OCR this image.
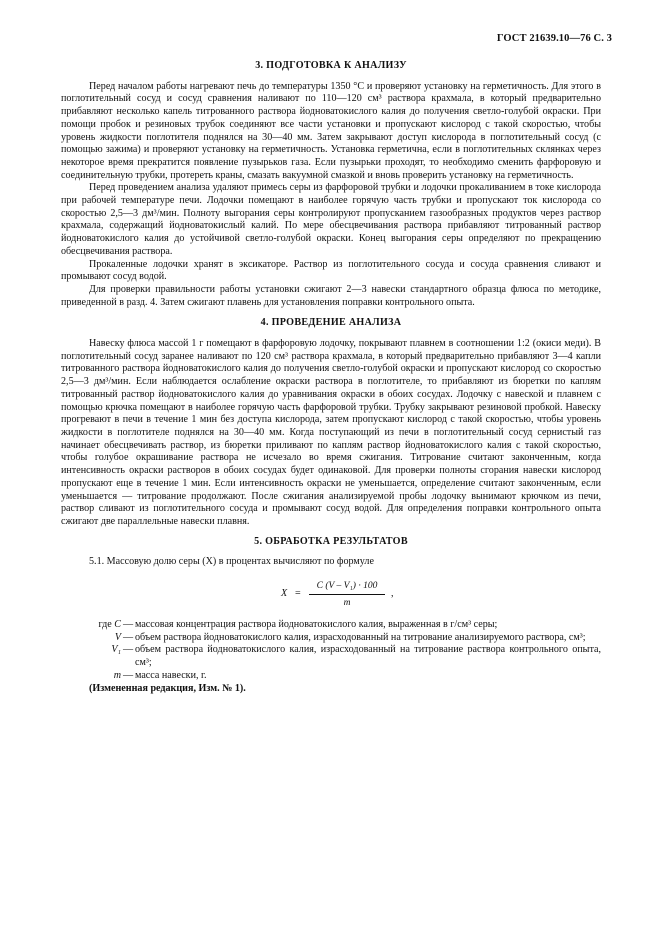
ГОСТ 21639.10—76 С. 3
3. ПОДГОТОВКА К АНАЛИЗУ

Перед началом работы нагревают печь до температуры 1350 °С и проверяют установку на герметичность. Для этого в поглотительный сосуд и сосуд сравнения наливают по 110—120 см³ раствора крахмала, в который предварительно прибавляют несколько капель титрованного раствора йодноватокислого калия до получения светло-голубой окраски. При помощи пробок и резиновых трубок соединяют все части установки и пропускают кислород с такой скоростью, чтобы уровень жидкости поглотителя поднялся на 30—40 мм. Затем закрывают доступ кислорода в поглотительный сосуд (с помощью зажима) и проверяют установку на герметичность. Установка герметична, если в поглотительных склянках через некоторое время прекратится появление пузырьков газа. Если пузырьки проходят, то необходимо сменить фарфоровую и соединительную трубки, протереть краны, смазать вакуумной смазкой и вновь проверить установку на герметичность.

Перед проведением анализа удаляют примесь серы из фарфоровой трубки и лодочки прокаливанием в токе кислорода при рабочей температуре печи. Лодочки помещают в наиболее горячую часть трубки и пропускают ток кислорода со скоростью 2,5—3 дм³/мин. Полноту выгорания серы контролируют пропусканием газообразных продуктов через раствор крахмала, содержащий йодноватокислый калий. По мере обесцвечивания раствора прибавляют титрованный раствор йодноватокислого калия до устойчивой светло-голубой окраски. Конец выгорания серы определяют по прекращению обесцвечивания раствора.

Прокаленные лодочки хранят в эксикаторе. Раствор из поглотительного сосуда и сосуда сравнения сливают и промывают сосуд водой.

Для проверки правильности работы установки сжигают 2—3 навески стандартного образца флюса по методике, приведенной в разд. 4. Затем сжигают плавень для установления поправки контрольного опыта.

4. ПРОВЕДЕНИЕ АНАЛИЗА

Навеску флюса массой 1 г помещают в фарфоровую лодочку, покрывают плавнем в соотношении 1:2 (окиси меди). В поглотительный сосуд заранее наливают по 120 см³ раствора крахмала, в который предварительно прибавляют 3—4 капли титрованного раствора йодноватокислого калия до получения светло-голубой окраски и пропускают кислород со скоростью 2,5—3 дм³/мин. Если наблюдается ослабление окраски раствора в поглотителе, то прибавляют из бюретки по каплям титрованный раствор йодноватокислого калия до уравнивания окраски в обоих сосудах. Лодочку с навеской и плавнем с помощью крючка помещают в наиболее горячую часть фарфоровой трубки. Трубку закрывают резиновой пробкой. Навеску прогревают в печи в течение 1 мин без доступа кислорода, затем пропускают кислород с такой скоростью, чтобы уровень жидкости в поглотителе поднялся на 30—40 мм. Когда поступающий из печи в поглотительный сосуд сернистый газ начинает обесцвечивать раствор, из бюретки приливают по каплям раствор йодноватокислого калия с такой скоростью, чтобы голубое окрашивание раствора не исчезало во время сжигания. Титрование считают законченным, когда интенсивность окраски растворов в обоих сосудах будет одинаковой. Для проверки полноты сгорания навески кислород пропускают еще в течение 1 мин. Если интенсивность окраски не уменьшается, определение считают законченным, если уменьшается — титрование продолжают. После сжигания анализируемой пробы лодочку вынимают крючком из печи, раствор сливают из поглотительного сосуда и промывают сосуд водой. Для определения поправки контрольного опыта сжигают две параллельные навески плавня.

5. ОБРАБОТКА РЕЗУЛЬТАТОВ

5.1. Массовую долю серы (X) в процентах вычисляют по формуле

$X = \frac{\text{C (V – V₁) · 100}}{m}$ ,
где C — массовая концентрация раствора йодноватокислого калия, выраженная в г/см³ серы;
V — объем раствора йодноватокислого калия, израсходованный на титрование анализируемого раствора, см³;
V₁ — объем раствора йодноватокислого калия, израсходованный на титрование раствора контрольного опыта, см³;
m — масса навески, г.

(Измененная редакция, Изм. № 1).
